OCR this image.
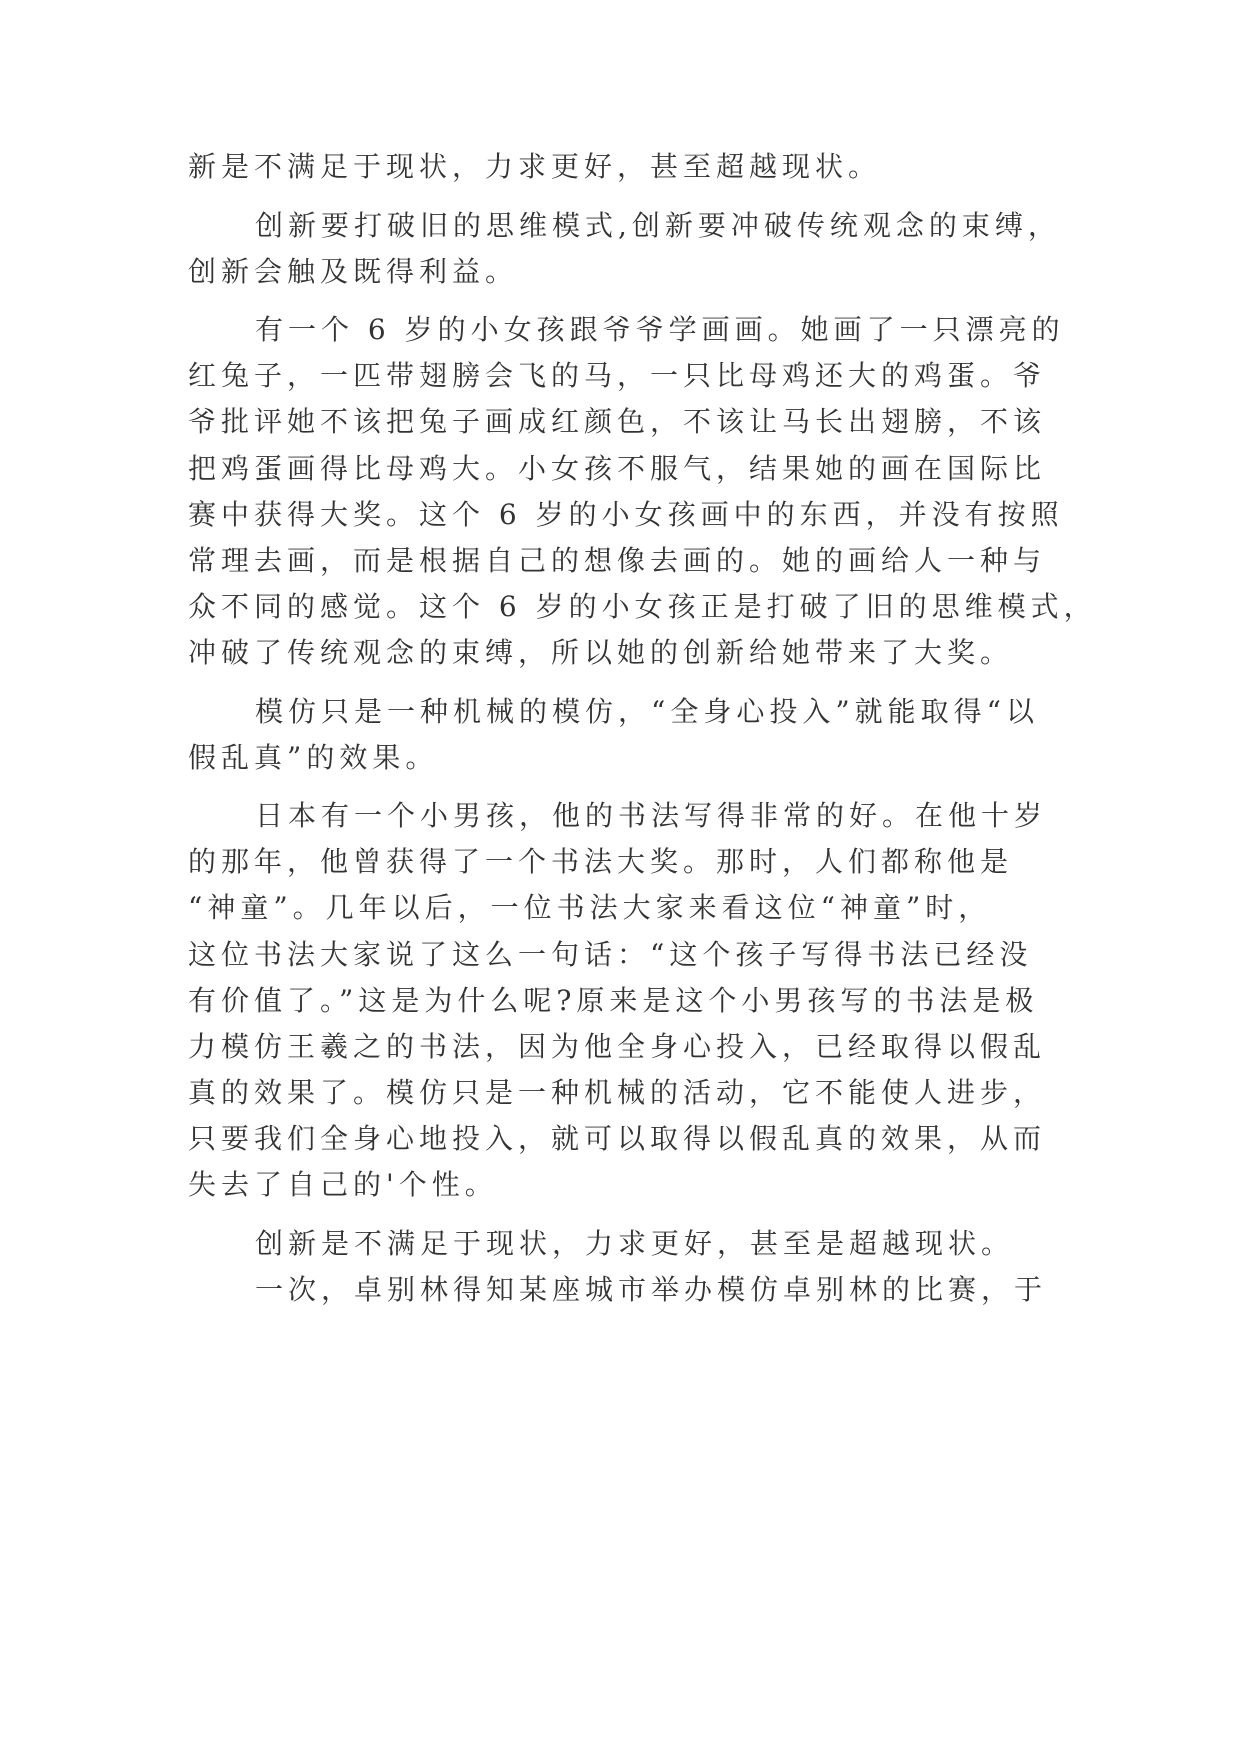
新是不满足于现状，力求更好，甚至超越现状。
创新要打破旧的思维模式,创新要冲破传统观念的束缚，
创新会触及既得利益。
有一个 6 岁的小女孩跟爷爷学画画。她画了一只漂亮的
红兔子，一匹带翅膀会飞的马，一只比母鸡还大的鸡蛋。爷
爷批评她不该把兔子画成红颜色，不该让马长出翅膀，不该
把鸡蛋画得比母鸡大。小女孩不服气，结果她的画在国际比
赛中获得大奖。这个 6 岁的小女孩画中的东西，并没有按照
常理去画，而是根据自己的想像去画的。她的画给人一种与
众不同的感觉。这个 6 岁的小女孩正是打破了旧的思维模式，
冲破了传统观念的束缚，所以她的创新给她带来了大奖。
模仿只是一种机械的模仿，“全身心投入”就能取得“以
假乱真”的效果。
日本有一个小男孩，他的书法写得非常的好。在他十岁
的那年，他曾获得了一个书法大奖。那时，人们都称他是
“神童”。几年以后，一位书法大家来看这位“神童”时，
这位书法大家说了这么一句话：“这个孩子写得书法已经没
有价值了。”这是为什么呢?原来是这个小男孩写的书法是极
力模仿王羲之的书法，因为他全身心投入，已经取得以假乱
真的效果了。模仿只是一种机械的活动，它不能使人进步，
只要我们全身心地投入，就可以取得以假乱真的效果，从而
失去了自己的'个性。
创新是不满足于现状，力求更好，甚至是超越现状。
一次，卓别林得知某座城市举办模仿卓别林的比赛，于
